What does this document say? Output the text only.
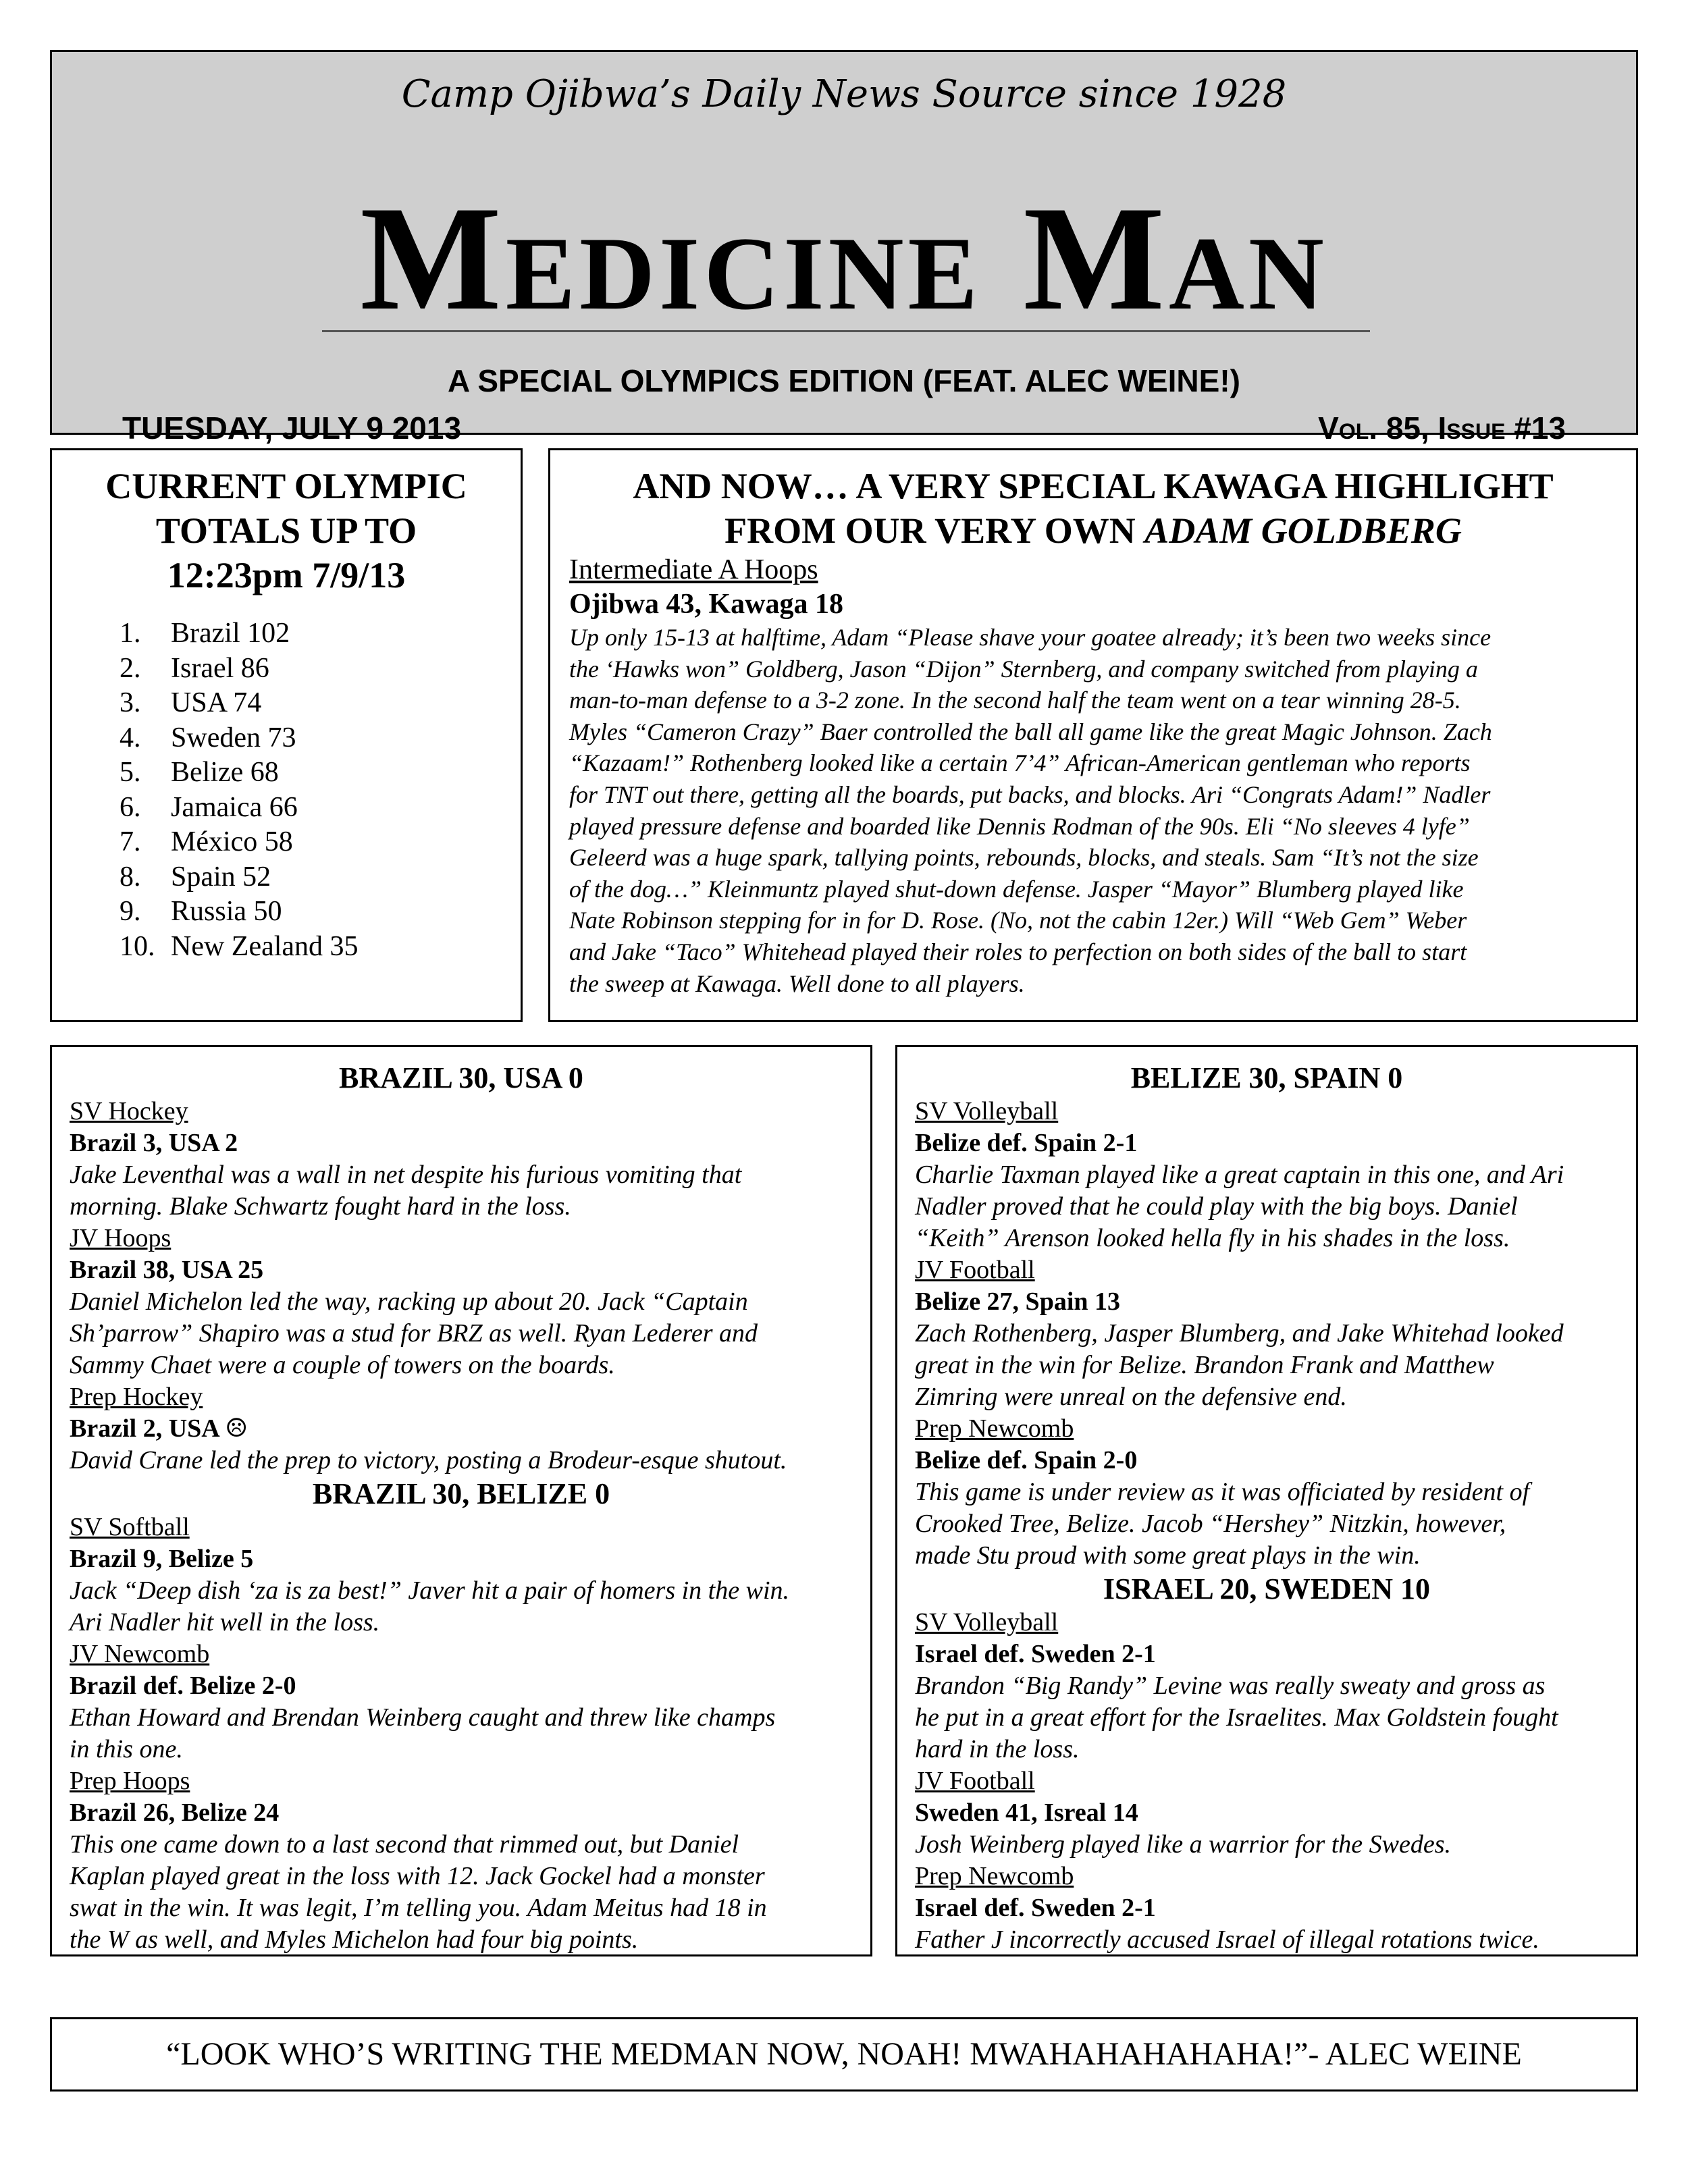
Camp Ojibwa’s Daily News Source since 1928
Medicine Man
A SPECIAL OLYMPICS EDITION (FEAT. ALEC WEINE!)
TUESDAY, JULY 9 2013	Vol. 85, Issue #13
CURRENT OLYMPIC
TOTALS UP TO
12:23pm 7/9/13
1.	Brazil 102
2.	Israel 86
3.	USA 74
4.	Sweden 73
5.	Belize 68
6.	Jamaica 66
7.	México 58
8.	Spain 52
9.	Russia 50
10. New Zealand 35
AND NOW… A VERY SPECIAL KAWAGA HIGHLIGHT
FROM OUR VERY OWN ADAM GOLDBERG
Intermediate A Hoops
Ojibwa 43, Kawaga 18
Up only 15-13 at halftime, Adam “Please shave your goatee already; it’s been two weeks since
the ‘Hawks won” Goldberg, Jason “Dijon” Sternberg, and company switched from playing a
man-to-man defense to a 3-2 zone. In the second half the team went on a tear winning 28-5.
Myles “Cameron Crazy” Baer controlled the ball all game like the great Magic Johnson. Zach
“Kazaam!” Rothenberg looked like a certain 7’4” African-American gentleman who reports
for TNT out there, getting all the boards, put backs, and blocks. Ari “Congrats Adam!” Nadler
played pressure defense and boarded like Dennis Rodman of the 90s. Eli “No sleeves 4 lyfe”
Geleerd was a huge spark, tallying points, rebounds, blocks, and steals. Sam “It’s not the size
of the dog…” Kleinmuntz played shut-down defense. Jasper “Mayor” Blumberg played like
Nate Robinson stepping for in for D. Rose. (No, not the cabin 12er.) Will “Web Gem” Weber
and Jake “Taco” Whitehead played their roles to perfection on both sides of the ball to start
the sweep at Kawaga. Well done to all players.
BRAZIL 30, USA 0
SV Hockey
Brazil 3, USA 2
Jake Leventhal was a wall in net despite his furious vomiting that
morning. Blake Schwartz fought hard in the loss.
JV Hoops
Brazil 38, USA 25
Daniel Michelon led the way, racking up about 20. Jack “Captain
Sh’parrow” Shapiro was a stud for BRZ as well. Ryan Lederer and
Sammy Chaet were a couple of towers on the boards.
Prep Hockey
Brazil 2, USA ☹
David Crane led the prep to victory, posting a Brodeur-esque shutout.
BRAZIL 30, BELIZE 0
SV Softball
Brazil 9, Belize 5
Jack “Deep dish ‘za is za best!” Javer hit a pair of homers in the win.
Ari Nadler hit well in the loss.
JV Newcomb
Brazil def. Belize 2-0
Ethan Howard and Brendan Weinberg caught and threw like champs
in this one.
Prep Hoops
Brazil 26, Belize 24
This one came down to a last second that rimmed out, but Daniel
Kaplan played great in the loss with 12. Jack Gockel had a monster
swat in the win. It was legit, I’m telling you. Adam Meitus had 18 in
the W as well, and Myles Michelon had four big points.
BELIZE 30, SPAIN 0
SV Volleyball
Belize def. Spain 2-1
Charlie Taxman played like a great captain in this one, and Ari
Nadler proved that he could play with the big boys. Daniel
“Keith” Arenson looked hella fly in his shades in the loss.
JV Football
Belize 27, Spain 13
Zach Rothenberg, Jasper Blumberg, and Jake Whitehad looked
great in the win for Belize. Brandon Frank and Matthew
Zimring were unreal on the defensive end.
Prep Newcomb
Belize def. Spain 2-0
This game is under review as it was officiated by resident of
Crooked Tree, Belize. Jacob “Hershey” Nitzkin, however,
made Stu proud with some great plays in the win.
ISRAEL 20, SWEDEN 10
SV Volleyball
Israel def. Sweden 2-1
Brandon “Big Randy” Levine was really sweaty and gross as
he put in a great effort for the Israelites. Max Goldstein fought
hard in the loss.
JV Football
Sweden 41, Isreal 14
Josh Weinberg played like a warrior for the Swedes.
Prep Newcomb
Israel def. Sweden 2-1
Father J incorrectly accused Israel of illegal rotations twice.
“LOOK WHO’S WRITING THE MEDMAN NOW, NOAH! MWAHAHAHAHAHA!”- ALEC WEINE
